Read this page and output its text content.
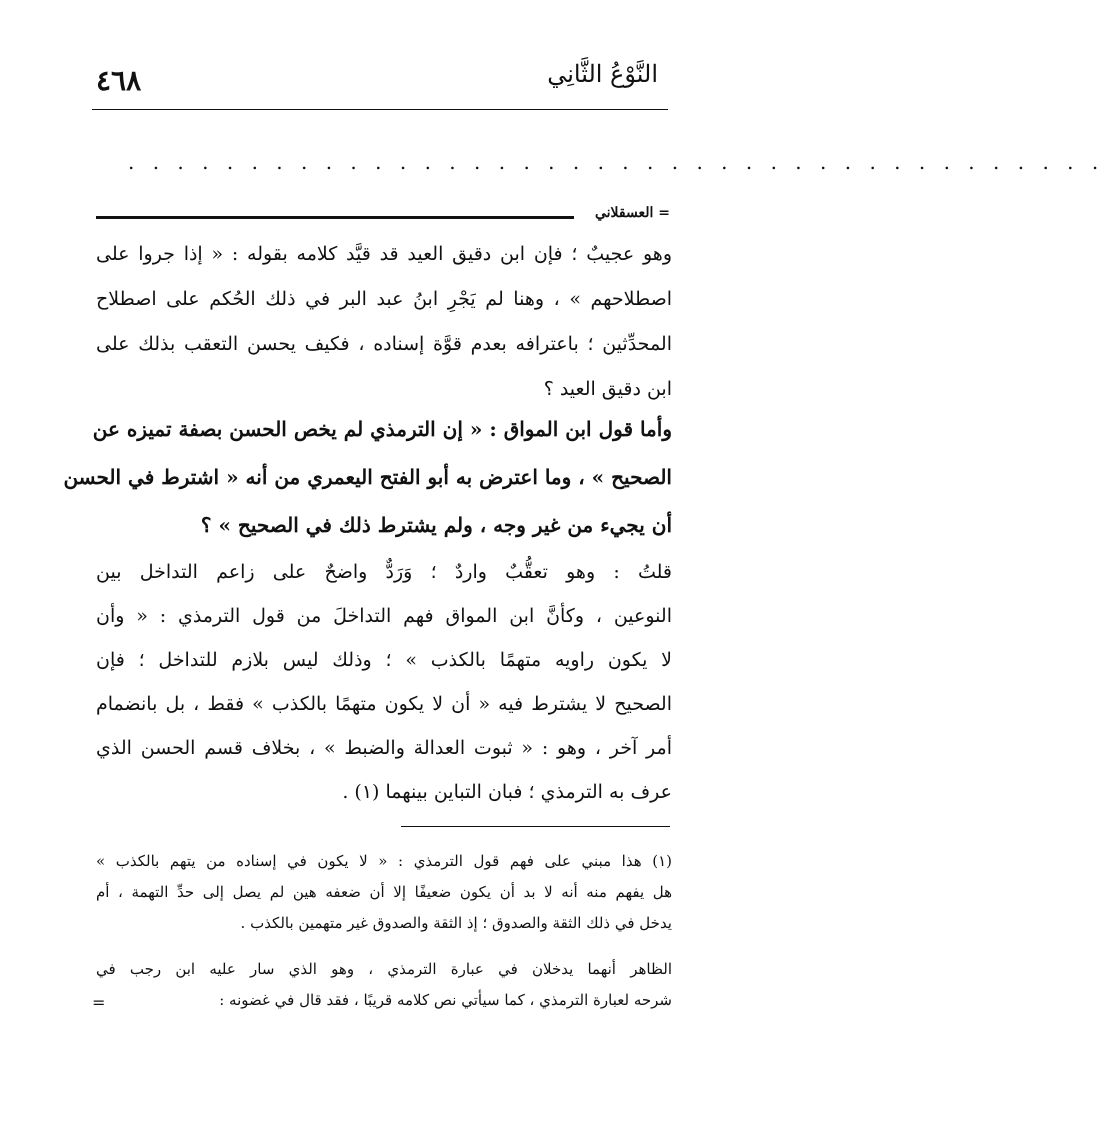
٤٦٨	النَّوْعُ الثَّانِي
. . . . . . . . . . . . . . . . . . . . . . . . . . . . . . . . . . . . . . . .
العسقلاني =
وهو عجيبٌ ؛ فإن ابن دقيق العيد قد قيَّد كلامه بقوله : « إذا جروا على
اصطلاحهم » ، وهنا لم يَجْرِ ابنُ عبد البر في ذلك الحُكم على اصطلاح
المحدِّثين ؛ باعترافه بعدم قوَّة إسناده ، فكيف يحسن التعقب بذلك على
ابن دقيق العيد ؟
وأما قول ابن المواق : « إن الترمذي لم يخص الحسن بصفة تميزه عن
الصحيح » ، وما اعترض به أبو الفتح اليعمري من أنه « اشترط في الحسن
أن يجيء من غير وجه ، ولم يشترط ذلك في الصحيح » ؟
قلتُ : وهو تعقُّبٌ واردٌ ؛ وَرَدٌّ واضحٌ على زاعم التداخل بين
النوعين ، وكأنَّ ابن المواق فهم التداخلَ من قول الترمذي : « وأن
لا يكون راويه متهمًا بالكذب » ؛ وذلك ليس بلازم للتداخل ؛ فإن
الصحيح لا يشترط فيه « أن لا يكون متهمًا بالكذب » فقط ، بل بانضمام
أمر آخر ، وهو : « ثبوت العدالة والضبط » ، بخلاف قسم الحسن الذي
عرف به الترمذي ؛ فبان التباين بينهما (١) .
(١) هذا مبني على فهم قول الترمذي : « لا يكون في إسناده من يتهم بالكذب »
هل يفهم منه أنه لا بد أن يكون ضعيفًا إلا أن ضعفه هين لم يصل إلى حدِّ التهمة ، أم
يدخل في ذلك الثقة والصدوق ؛ إذ الثقة والصدوق غير متهمين بالكذب .
الظاهر أنهما يدخلان في عبارة الترمذي ، وهو الذي سار عليه ابن رجب في
شرحه لعبارة الترمذي ، كما سيأتي نص كلامه قريبًا ، فقد قال في غضونه :
=
